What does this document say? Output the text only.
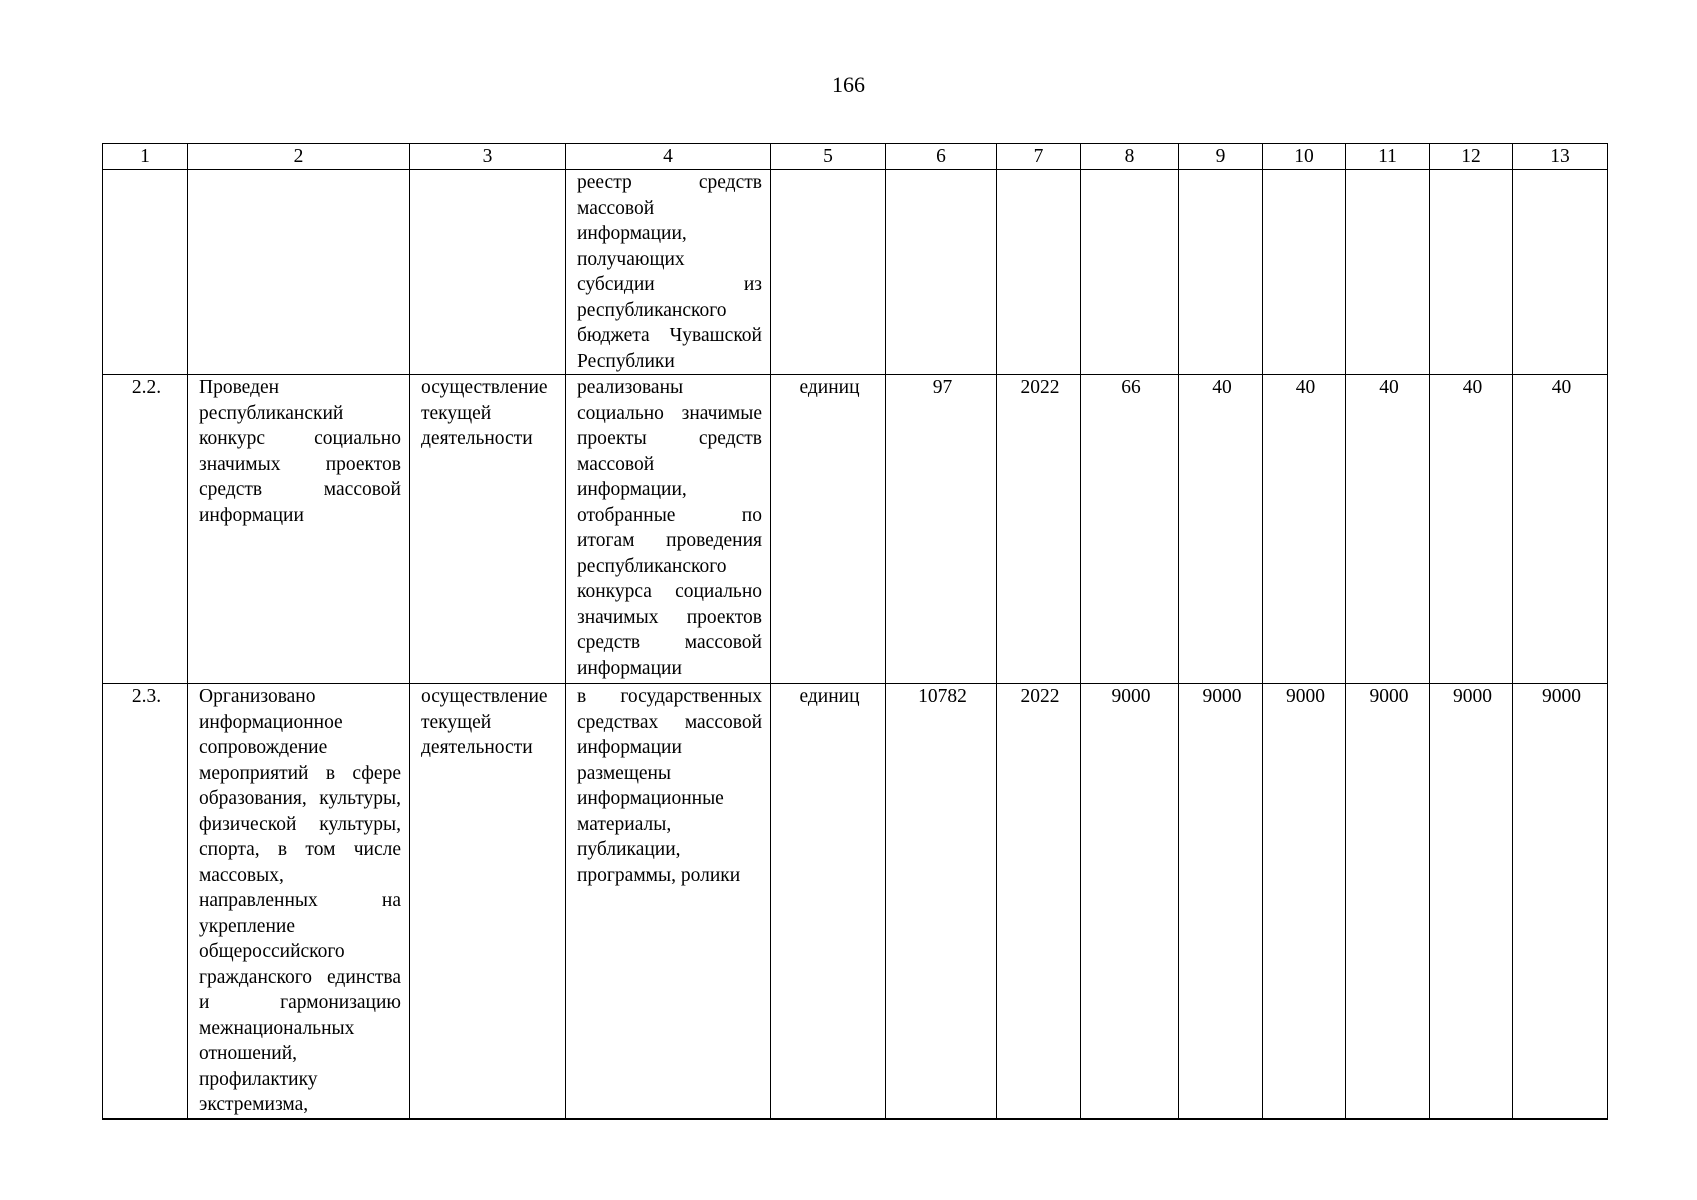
166
1	2	3	4	5	6	7	8	9	10	11	12	13
			реестр средств массовой информации, получающих субсидии из республиканского бюджета Чувашской Республики									
2.2.	Проведен республиканский конкурс социально значимых проектов средств массовой информации	осуществление текущей деятельности	реализованы социально значимые проекты средств массовой информации, отобранные по итогам проведения республиканского конкурса социально значимых проектов средств массовой информации	единиц	97	2022	66	40	40	40	40	40
2.3.	Организовано информационное сопровождение мероприятий в сфере образования, культуры, физической культуры, спорта, в том числе массовых, направленных на укрепление общероссийского гражданского единства и гармонизацию межнациональных отношений, профилактику экстремизма,	осуществление текущей деятельности	в государственных средствах массовой информации размещены информационные материалы, публикации, программы, ролики	единиц	10782	2022	9000	9000	9000	9000	9000	9000
